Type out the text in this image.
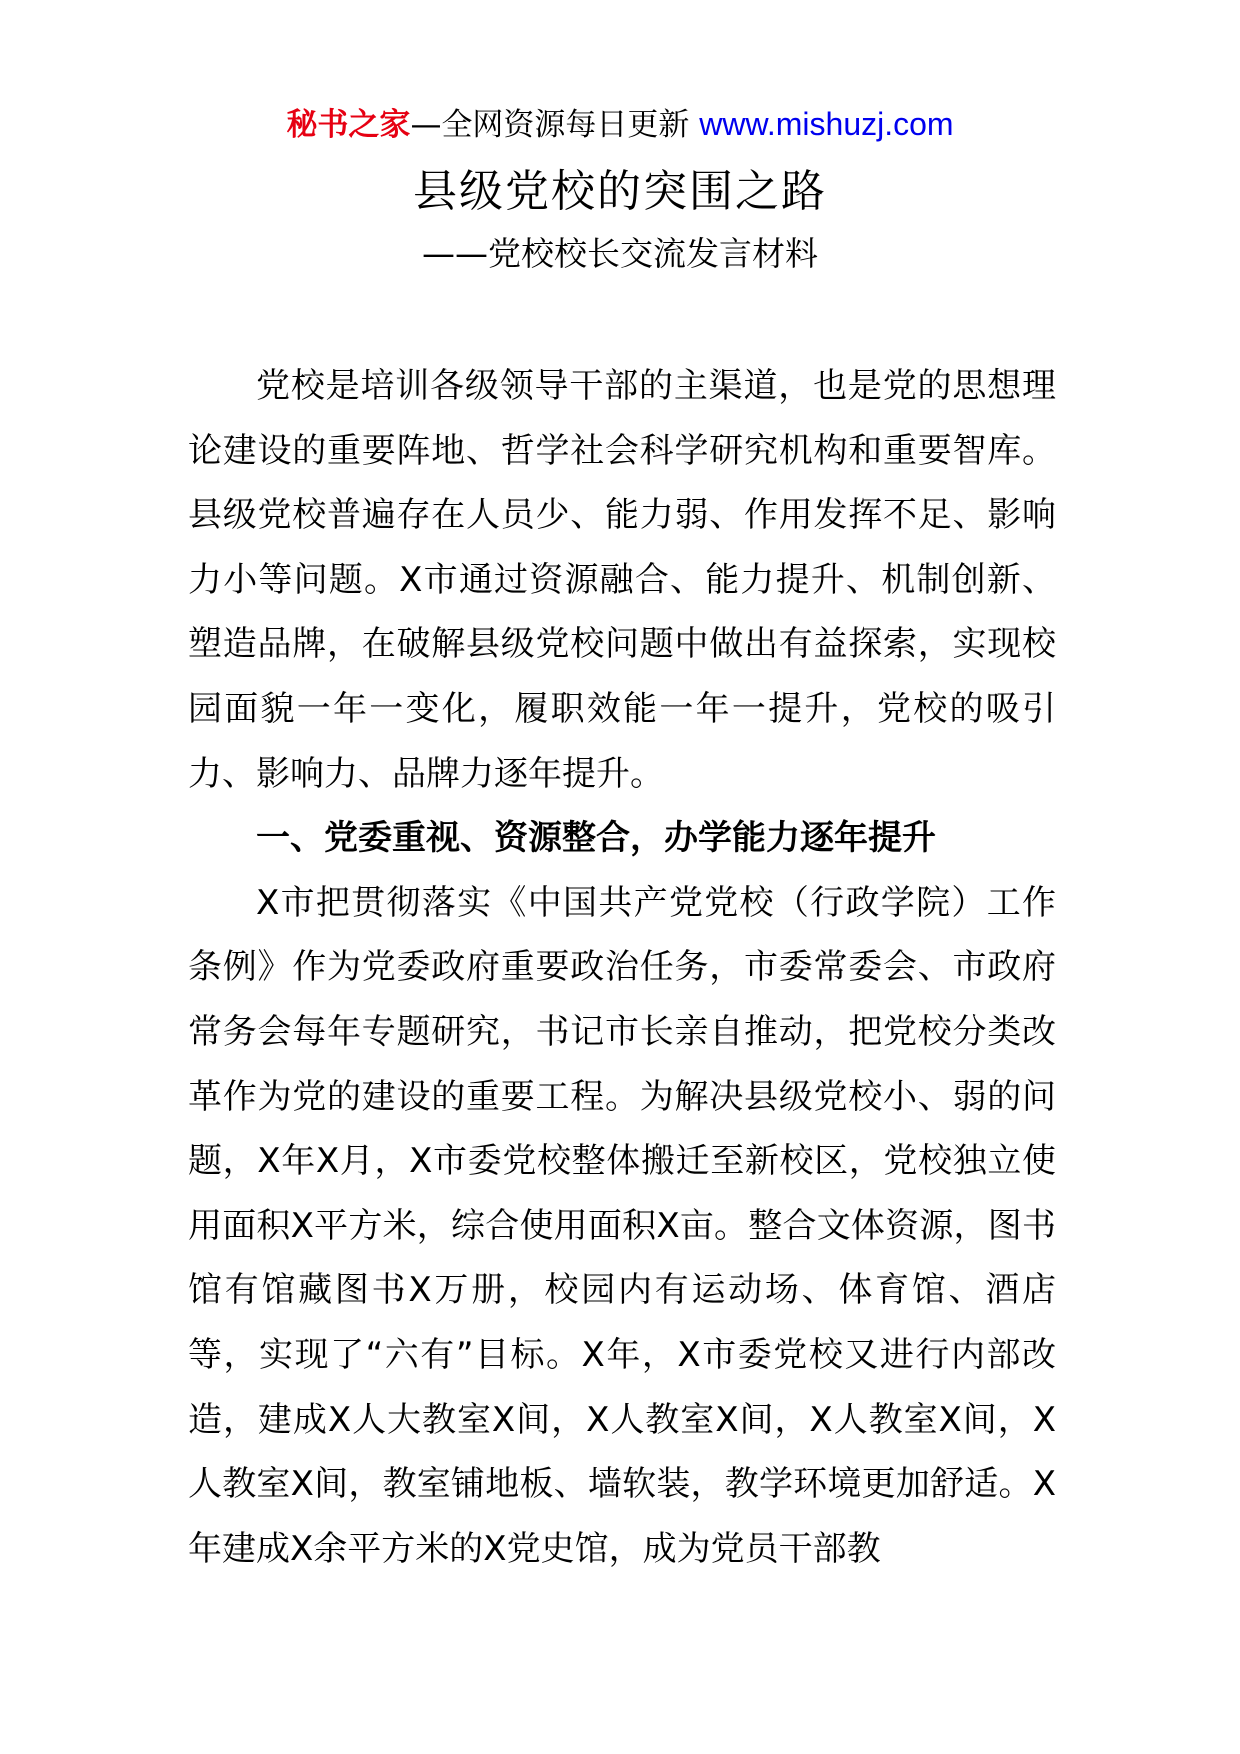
秘书之家—全网资源每日更新 www.mishuzj.com
县级党校的突围之路
——党校校长交流发言材料

党校是培训各级领导干部的主渠道，也是党的思想理论建设的重要阵地、哲学社会科学研究机构和重要智库。县级党校普遍存在人员少、能力弱、作用发挥不足、影响力小等问题。X市通过资源融合、能力提升、机制创新、塑造品牌，在破解县级党校问题中做出有益探索，实现校园面貌一年一变化，履职效能一年一提升，党校的吸引力、影响力、品牌力逐年提升。

一、党委重视、资源整合，办学能力逐年提升

X市把贯彻落实《中国共产党党校（行政学院）工作条例》作为党委政府重要政治任务，市委常委会、市政府常务会每年专题研究，书记市长亲自推动，把党校分类改革作为党的建设的重要工程。为解决县级党校小、弱的问题，X年X月，X市委党校整体搬迁至新校区，党校独立使用面积X平方米，综合使用面积X亩。整合文体资源，图书馆有馆藏图书X万册，校园内有运动场、体育馆、酒店等，实现了“六有”目标。X年，X市委党校又进行内部改造，建成X人大教室X间，X人教室X间，X人教室X间，X人教室X间，教室铺地板、墙软装，教学环境更加舒适。X年建成X余平方米的X党史馆，成为党员干部教
